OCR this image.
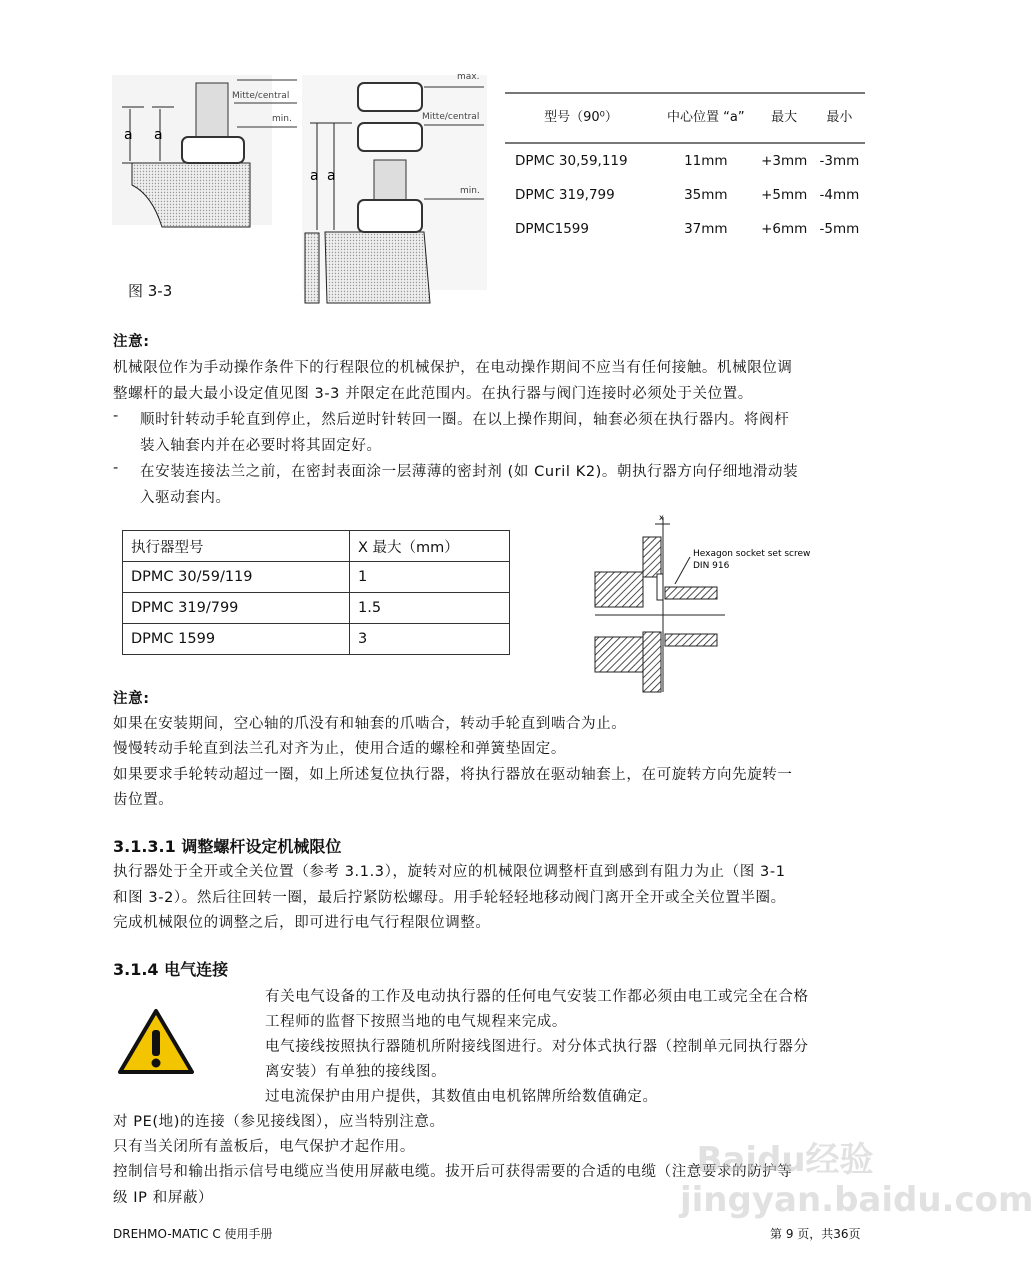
a a
Mitte/central
min.
a a
max.
Mitte/central
min.
图 3-3
型号（90⁰）	中心位置 “a”	最大	最小
DPMC 30,59,119	11mm	+3mm	-3mm
DPMC 319,799	35mm	+5mm	-4mm
DPMC1599	37mm	+6mm	-5mm
注意:
机械限位作为手动操作条件下的行程限位的机械保护，在电动操作期间不应当有任何接触。机械限位调
整螺杆的最大最小设定值见图 3-3 并限定在此范围内。在执行器与阀门连接时必须处于关位置。
- 顺时针转动手轮直到停止，然后逆时针转回一圈。在以上操作期间，轴套必须在执行器内。将阀杆
装入轴套内并在必要时将其固定好。
- 在安装连接法兰之前，在密封表面涂一层薄薄的密封剂 (如 Curil K2)。朝执行器方向仔细地滑动装
入驱动套内。
执行器型号	X 最大（mm）
DPMC 30/59/119	1
DPMC 319/799	1.5
DPMC 1599	3
x
Hexagon socket set screw
DIN 916
注意:
如果在安装期间，空心轴的爪没有和轴套的爪啮合，转动手轮直到啮合为止。
慢慢转动手轮直到法兰孔对齐为止，使用合适的螺栓和弹簧垫固定。
如果要求手轮转动超过一圈，如上所述复位执行器，将执行器放在驱动轴套上，在可旋转方向先旋转一
齿位置。
3.1.3.1 调整螺杆设定机械限位
执行器处于全开或全关位置（参考 3.1.3），旋转对应的机械限位调整杆直到感到有阻力为止（图 3-1
和图 3-2）。然后往回转一圈，最后拧紧防松螺母。用手轮轻轻地移动阀门离开全开或全关位置半圈。
完成机械限位的调整之后，即可进行电气行程限位调整。
3.1.4 电气连接
有关电气设备的工作及电动执行器的任何电气安装工作都必须由电工或完全在合格
工程师的监督下按照当地的电气规程来完成。
电气接线按照执行器随机所附接线图进行。对分体式执行器（控制单元同执行器分
离安装）有单独的接线图。
过电流保护由用户提供，其数值由电机铭牌所给数值确定。
对 PE(地)的连接（参见接线图），应当特别注意。
只有当关闭所有盖板后，电气保护才起作用。
控制信号和输出指示信号电缆应当使用屏蔽电缆。拔开后可获得需要的合适的电缆（注意要求的防护等
级 IP 和屏蔽）
Baidu经验 jingyan.baidu.com
DREHMO-MATIC C 使用手册	第 9 页，共36页
